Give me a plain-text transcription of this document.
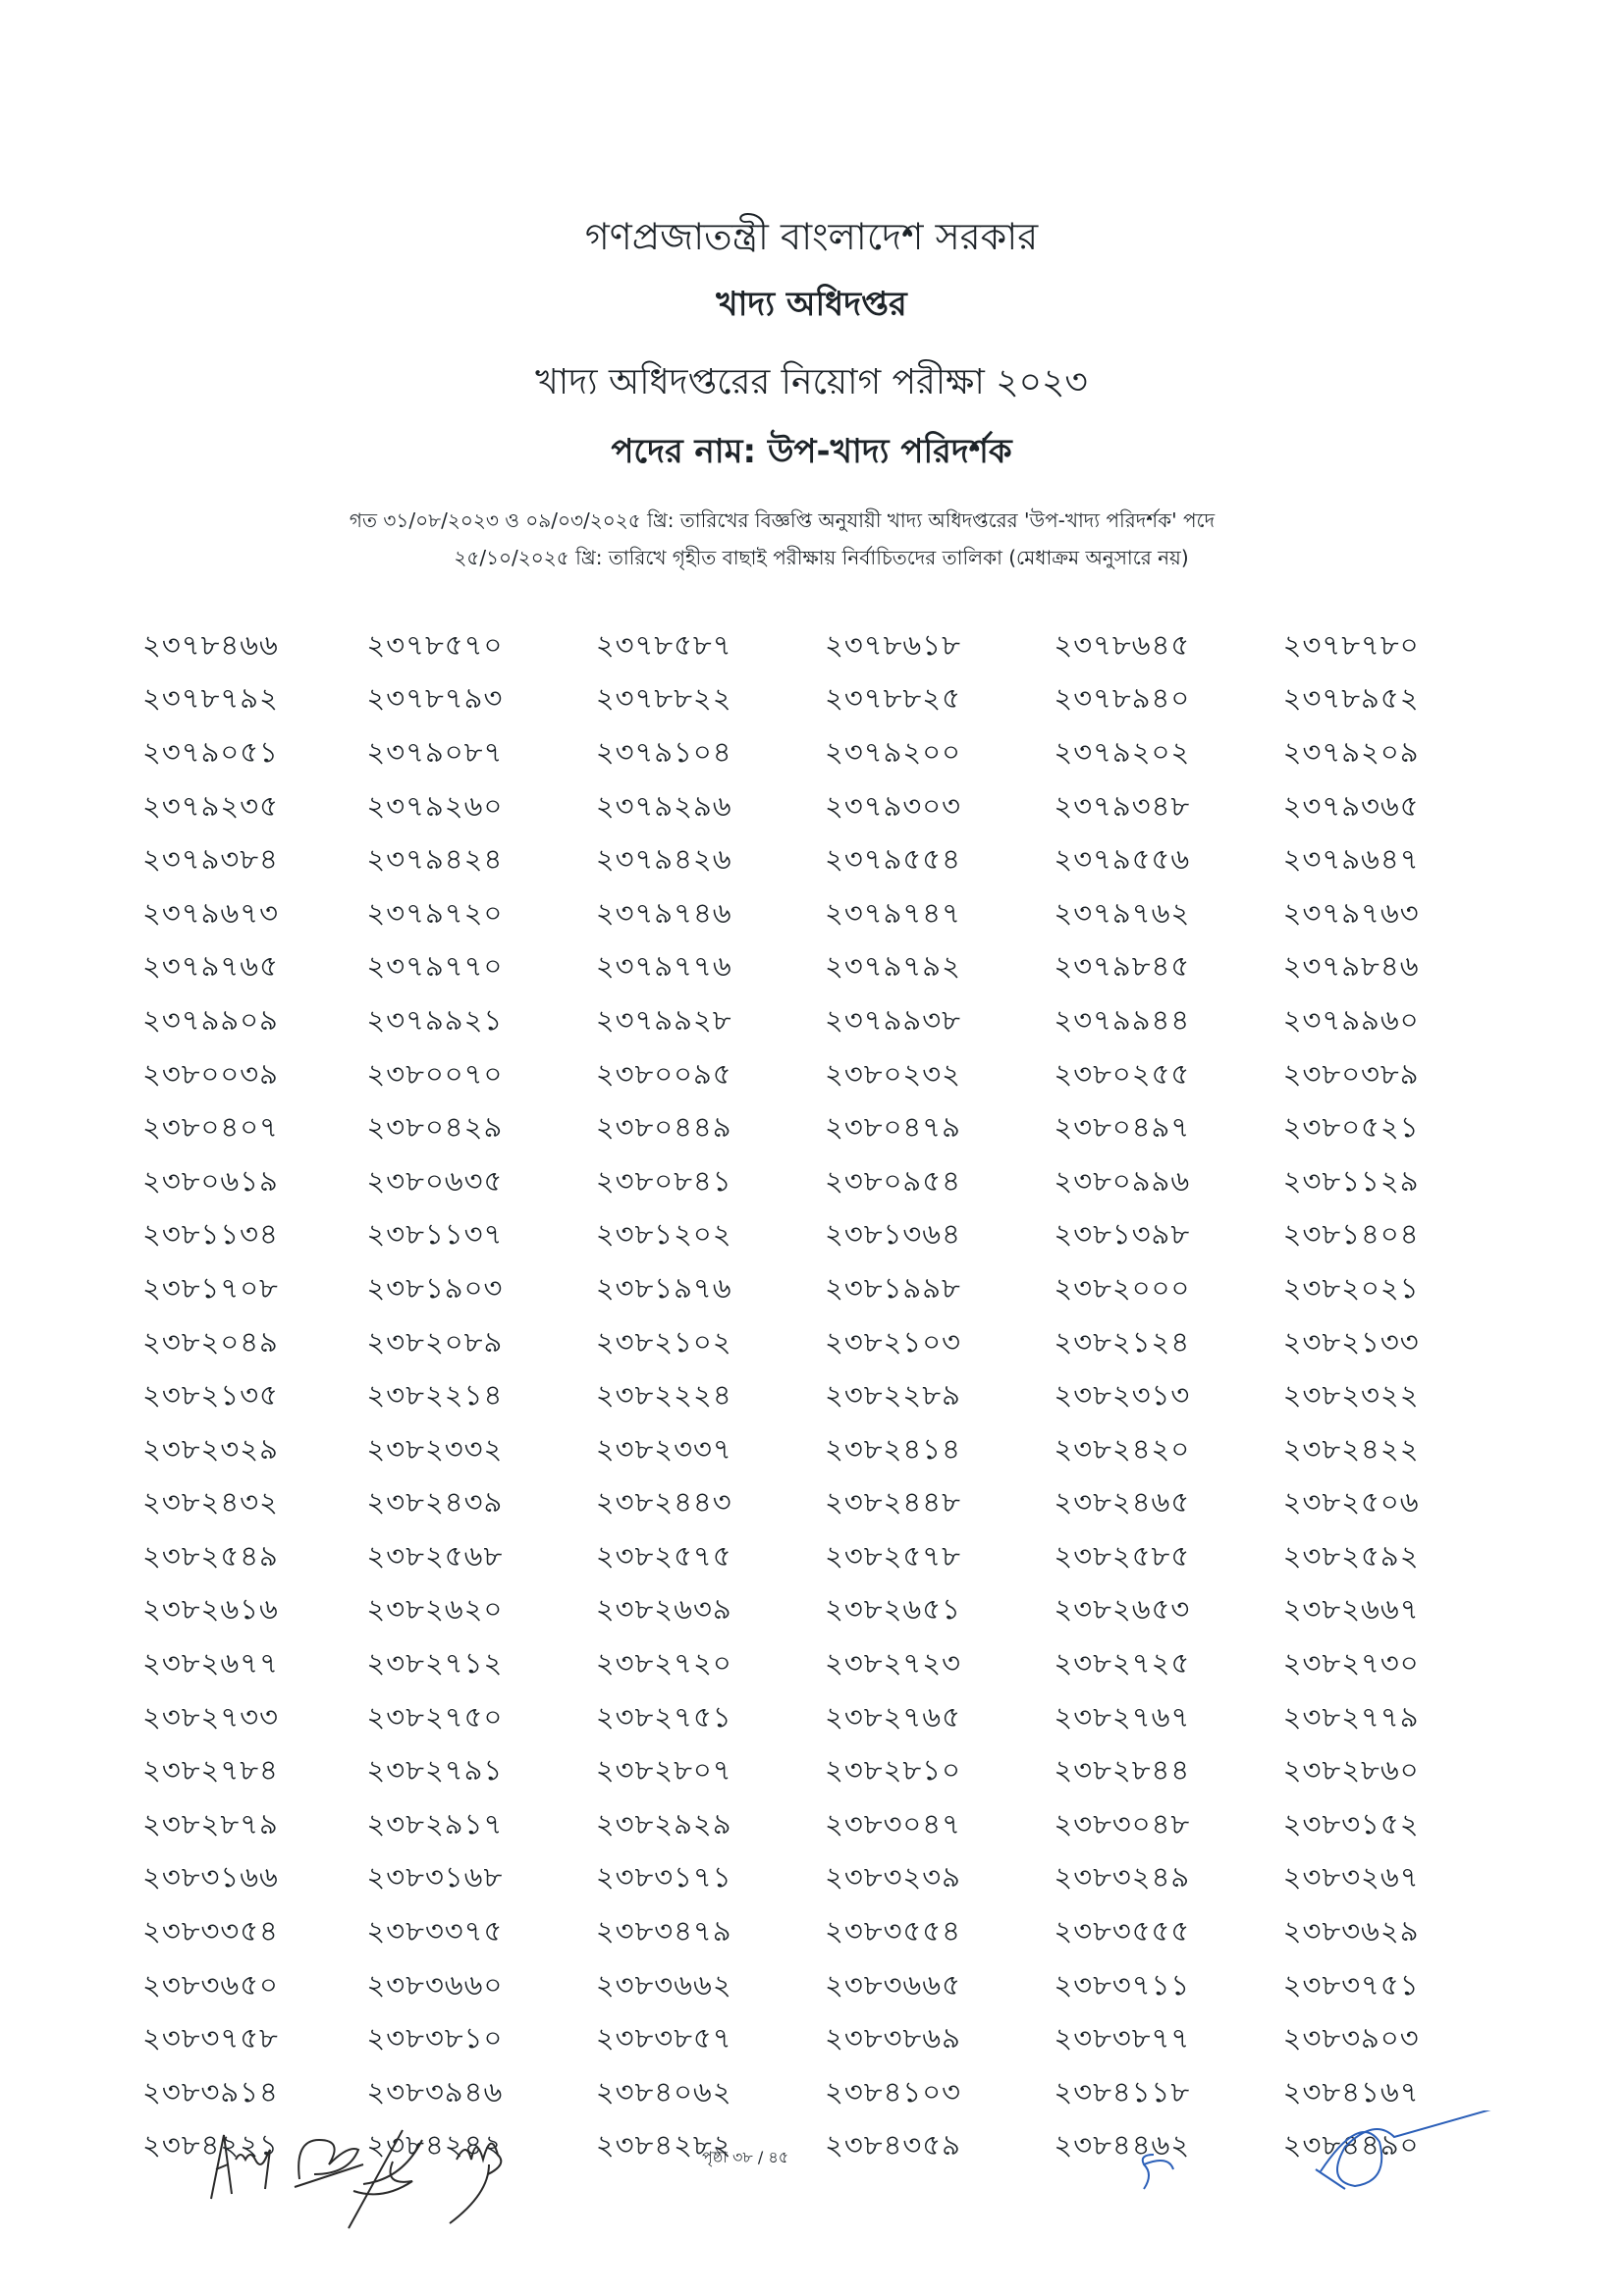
গণপ্রজাতন্ত্রী বাংলাদেশ সরকার
খাদ্য অধিদপ্তর
খাদ্য অধিদপ্তরের নিয়োগ পরীক্ষা ২০২৩
পদের নাম: উপ-খাদ্য পরিদর্শক
গত ৩১/০৮/২০২৩ ও ০৯/০৩/২০২৫ খ্রি: তারিখের বিজ্ঞপ্তি অনুযায়ী খাদ্য অধিদপ্তরের 'উপ-খাদ্য পরিদর্শক' পদে
২৫/১০/২০২৫ খ্রি: তারিখে গৃহীত বাছাই পরীক্ষায় নির্বাচিতদের তালিকা (মেধাক্রম অনুসারে নয়)
২৩৭৮৪৬৬	২৩৭৮৫৭০	২৩৭৮৫৮৭	২৩৭৮৬১৮	২৩৭৮৬৪৫	২৩৭৮৭৮০
২৩৭৮৭৯২	২৩৭৮৭৯৩	২৩৭৮৮২২	২৩৭৮৮২৫	২৩৭৮৯৪০	২৩৭৮৯৫২
২৩৭৯০৫১	২৩৭৯০৮৭	২৩৭৯১০৪	২৩৭৯২০০	২৩৭৯২০২	২৩৭৯২০৯
২৩৭৯২৩৫	২৩৭৯২৬০	২৩৭৯২৯৬	২৩৭৯৩০৩	২৩৭৯৩৪৮	২৩৭৯৩৬৫
২৩৭৯৩৮৪	২৩৭৯৪২৪	২৩৭৯৪২৬	২৩৭৯৫৫৪	২৩৭৯৫৫৬	২৩৭৯৬৪৭
২৩৭৯৬৭৩	২৩৭৯৭২০	২৩৭৯৭৪৬	২৩৭৯৭৪৭	২৩৭৯৭৬২	২৩৭৯৭৬৩
২৩৭৯৭৬৫	২৩৭৯৭৭০	২৩৭৯৭৭৬	২৩৭৯৭৯২	২৩৭৯৮৪৫	২৩৭৯৮৪৬
২৩৭৯৯০৯	২৩৭৯৯২১	২৩৭৯৯২৮	২৩৭৯৯৩৮	২৩৭৯৯৪৪	২৩৭৯৯৬০
২৩৮০০৩৯	২৩৮০০৭০	২৩৮০০৯৫	২৩৮০২৩২	২৩৮০২৫৫	২৩৮০৩৮৯
২৩৮০৪০৭	২৩৮০৪২৯	২৩৮০৪৪৯	২৩৮০৪৭৯	২৩৮০৪৯৭	২৩৮০৫২১
২৩৮০৬১৯	২৩৮০৬৩৫	২৩৮০৮৪১	২৩৮০৯৫৪	২৩৮০৯৯৬	২৩৮১১২৯
২৩৮১১৩৪	২৩৮১১৩৭	২৩৮১২০২	২৩৮১৩৬৪	২৩৮১৩৯৮	২৩৮১৪০৪
২৩৮১৭০৮	২৩৮১৯০৩	২৩৮১৯৭৬	২৩৮১৯৯৮	২৩৮২০০০	২৩৮২০২১
২৩৮২০৪৯	২৩৮২০৮৯	২৩৮২১০২	২৩৮২১০৩	২৩৮২১২৪	২৩৮২১৩৩
২৩৮২১৩৫	২৩৮২২১৪	২৩৮২২২৪	২৩৮২২৮৯	২৩৮২৩১৩	২৩৮২৩২২
২৩৮২৩২৯	২৩৮২৩৩২	২৩৮২৩৩৭	২৩৮২৪১৪	২৩৮২৪২০	২৩৮২৪২২
২৩৮২৪৩২	২৩৮২৪৩৯	২৩৮২৪৪৩	২৩৮২৪৪৮	২৩৮২৪৬৫	২৩৮২৫০৬
২৩৮২৫৪৯	২৩৮২৫৬৮	২৩৮২৫৭৫	২৩৮২৫৭৮	২৩৮২৫৮৫	২৩৮২৫৯২
২৩৮২৬১৬	২৩৮২৬২০	২৩৮২৬৩৯	২৩৮২৬৫১	২৩৮২৬৫৩	২৩৮২৬৬৭
২৩৮২৬৭৭	২৩৮২৭১২	২৩৮২৭২০	২৩৮২৭২৩	২৩৮২৭২৫	২৩৮২৭৩০
২৩৮২৭৩৩	২৩৮২৭৫০	২৩৮২৭৫১	২৩৮২৭৬৫	২৩৮২৭৬৭	২৩৮২৭৭৯
২৩৮২৭৮৪	২৩৮২৭৯১	২৩৮২৮০৭	২৩৮২৮১০	২৩৮২৮৪৪	২৩৮২৮৬০
২৩৮২৮৭৯	২৩৮২৯১৭	২৩৮২৯২৯	২৩৮৩০৪৭	২৩৮৩০৪৮	২৩৮৩১৫২
২৩৮৩১৬৬	২৩৮৩১৬৮	২৩৮৩১৭১	২৩৮৩২৩৯	২৩৮৩২৪৯	২৩৮৩২৬৭
২৩৮৩৩৫৪	২৩৮৩৩৭৫	২৩৮৩৪৭৯	২৩৮৩৫৫৪	২৩৮৩৫৫৫	২৩৮৩৬২৯
২৩৮৩৬৫০	২৩৮৩৬৬০	২৩৮৩৬৬২	২৩৮৩৬৬৫	২৩৮৩৭১১	২৩৮৩৭৫১
২৩৮৩৭৫৮	২৩৮৩৮১০	২৩৮৩৮৫৭	২৩৮৩৮৬৯	২৩৮৩৮৭৭	২৩৮৩৯০৩
২৩৮৩৯১৪	২৩৮৩৯৪৬	২৩৮৪০৬২	২৩৮৪১০৩	২৩৮৪১১৮	২৩৮৪১৬৭
২৩৮৪২২১	২৩৮৪২৪২	২৩৮৪২৮২	২৩৮৪৩৫৯	২৩৮৪৪৬২	২৩৮৪৪৯০
পৃষ্ঠা ৩৮ / ৪৫
